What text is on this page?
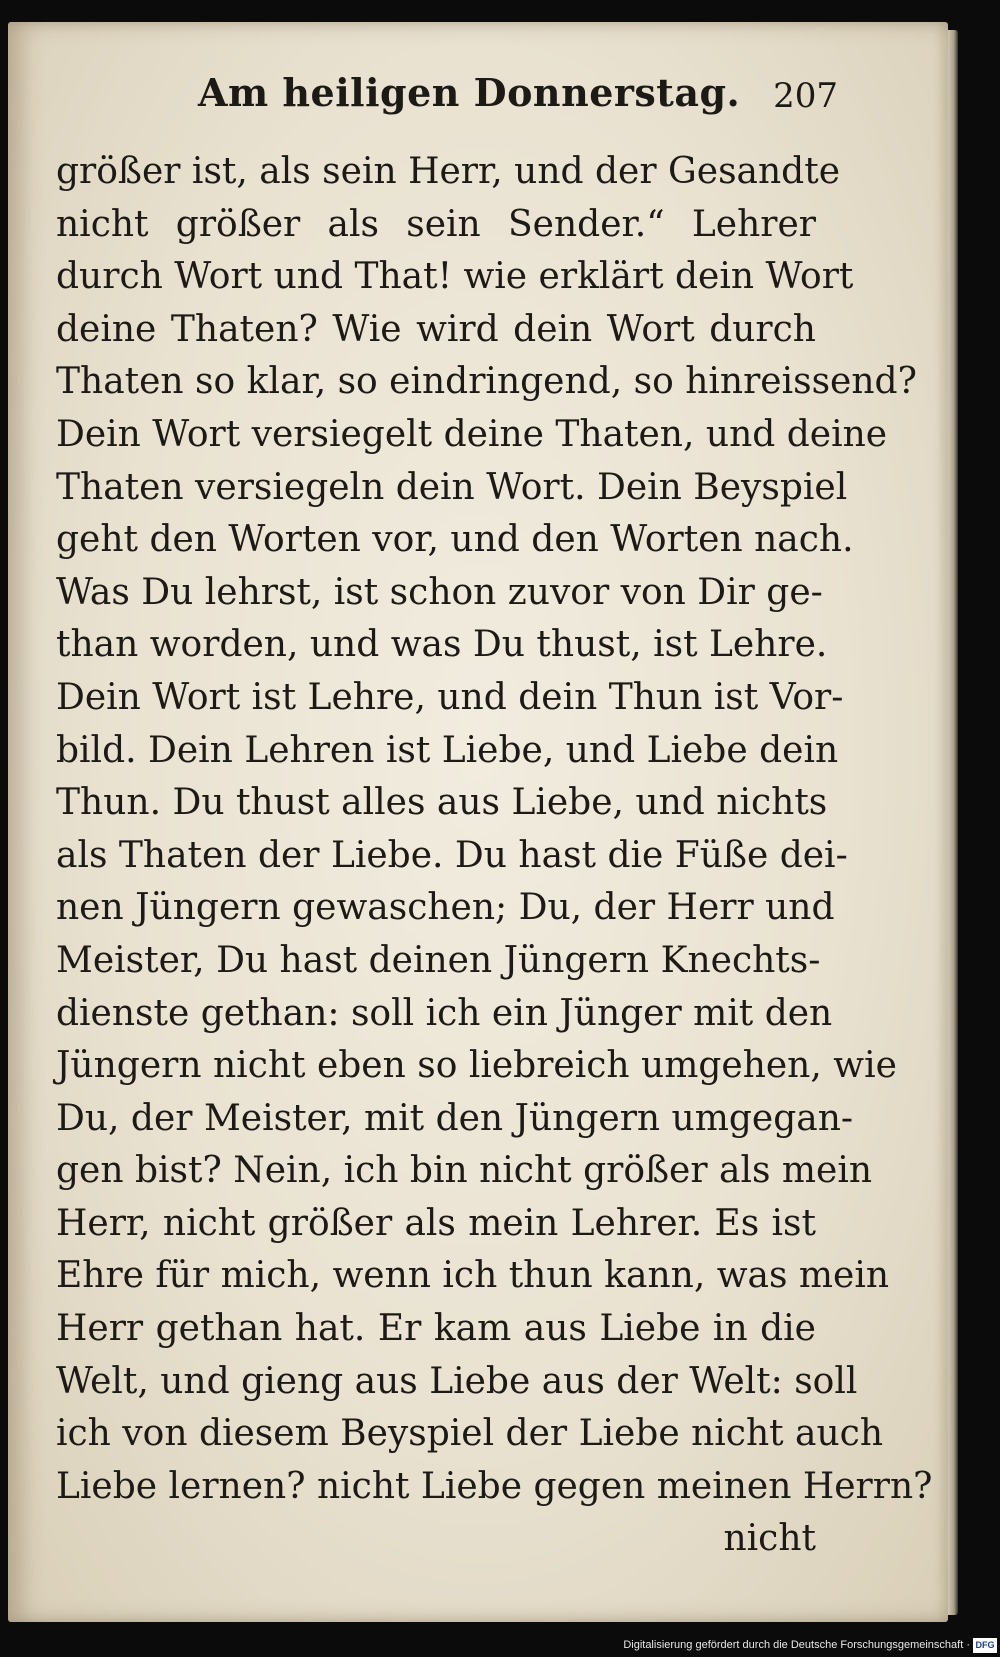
Am heiligen Donnerstag. 207
größer ist, als sein Herr, und der Gesandte
nicht größer als sein Sender.“ Lehrer
durch Wort und That! wie erklärt dein Wort
deine Thaten? Wie wird dein Wort durch
Thaten so klar, so eindringend, so hinreissend?
Dein Wort versiegelt deine Thaten, und deine
Thaten versiegeln dein Wort. Dein Beyspiel
geht den Worten vor, und den Worten nach.
Was Du lehrst, ist schon zuvor von Dir ge-
than worden, und was Du thust, ist Lehre.
Dein Wort ist Lehre, und dein Thun ist Vor-
bild. Dein Lehren ist Liebe, und Liebe dein
Thun. Du thust alles aus Liebe, und nichts
als Thaten der Liebe. Du hast die Füße dei-
nen Jüngern gewaschen; Du, der Herr und
Meister, Du hast deinen Jüngern Knechts-
dienste gethan: soll ich ein Jünger mit den
Jüngern nicht eben so liebreich umgehen, wie
Du, der Meister, mit den Jüngern umgegan-
gen bist? Nein, ich bin nicht größer als mein
Herr, nicht größer als mein Lehrer. Es ist
Ehre für mich, wenn ich thun kann, was mein
Herr gethan hat. Er kam aus Liebe in die
Welt, und gieng aus Liebe aus der Welt: soll
ich von diesem Beyspiel der Liebe nicht auch
Liebe lernen? nicht Liebe gegen meinen Herrn?
nicht
Digitalisierung gefördert durch die Deutsche Forschungsgemeinschaft · DFG
